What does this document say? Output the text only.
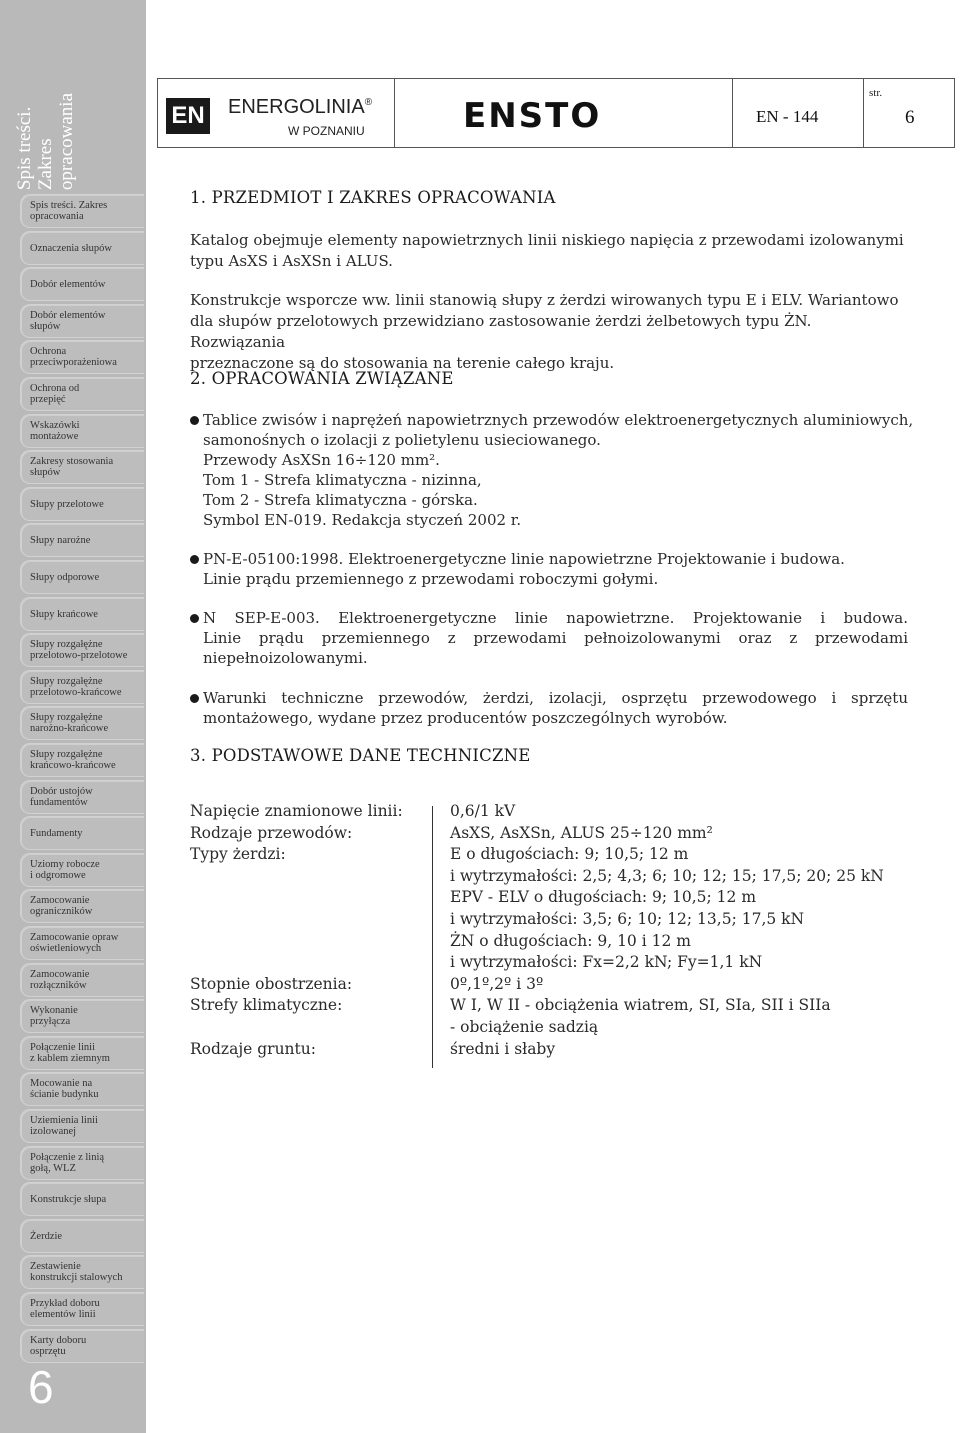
Spis treści. Zakres opracowania
Spis treści. Zakres
opracowania
Oznaczenia słupów
Dobór elementów
Dobór elementów
słupów
Ochrona
przeciwporażeniowa
Ochrona od
przepięć
Wskazówki
montażowe
Zakresy stosowania
słupów
Słupy przelotowe
Słupy narożne
Słupy odporowe
Słupy krańcowe
Słupy rozgałężne
przelotowo-przelotowe
Słupy rozgałężne
przelotowo-krańcowe
Słupy rozgałężne
narożno-krańcowe
Słupy rozgałężne
krańcowo-krańcowe
Dobór ustojów
fundamentów
Fundamenty
Uziomy robocze
i odgromowe
Zamocowanie
ograniczników
Zamocowanie opraw
oświetleniowych
Zamocowanie
rozłączników
Wykonanie
przyłącza
Połączenie linii
z kablem ziemnym
Mocowanie na
ścianie budynku
Uziemienia linii
izolowanej
Połączenie z linią
gołą, WLZ
Konstrukcje słupa
Żerdzie
Zestawienie
konstrukcji stalowych
Przykład doboru
elementów linii
Karty doboru
osprzętu
6
EN ENERGOLINIA®
W POZNANIU	ENSTO	EN - 144
str.
6
1. PRZEDMIOT I ZAKRES OPRACOWANIA
Katalog obejmuje elementy napowietrznych linii niskiego napięcia z przewodami izolowanymi
typu AsXS i AsXSn i ALUS.
Konstrukcje wsporcze ww. linii stanowią słupy z żerdzi wirowanych typu E i ELV. Wariantowo
dla słupów przelotowych przewidziano zastosowanie żerdzi żelbetowych typu ŻN. Rozwiązania
przeznaczone są do stosowania na terenie całego kraju.
2. OPRACOWANIA ZWIĄZANE
Tablice zwisów i naprężeń napowietrznych przewodów elektroenergetycznych aluminiowych,
samonośnych o izolacji z polietylenu usieciowanego.
Przewody AsXSn 16÷120 mm².
Tom 1 - Strefa klimatyczna - nizinna,
Tom 2 - Strefa klimatyczna - górska.
Symbol EN-019. Redakcja styczeń 2002 r.
PN-E-05100:1998. Elektroenergetyczne linie napowietrzne Projektowanie i budowa.
Linie prądu przemiennego z przewodami roboczymi gołymi.
N SEP-E-003. Elektroenergetyczne linie napowietrzne. Projektowanie i budowa.
Linie prądu przemiennego z przewodami pełnoizolowanymi oraz z przewodami
niepełnoizolowanymi.
Warunki techniczne przewodów, żerdzi, izolacji, osprzętu przewodowego i sprzętu
montażowego, wydane przez producentów poszczególnych wyrobów.
3. PODSTAWOWE DANE TECHNICZNE
Napięcie znamionowe linii:	0,6/1 kV
Rodzaje przewodów:	AsXS, AsXSn, ALUS 25÷120 mm²
Typy żerdzi:	E o długościach: 9; 10,5; 12 m
i wytrzymałości: 2,5; 4,3; 6; 10; 12; 15; 17,5; 20; 25 kN
EPV - ELV o długościach: 9; 10,5; 12 m
i wytrzymałości: 3,5; 6; 10; 12; 13,5; 17,5 kN
ŻN o długościach: 9, 10 i 12 m
i wytrzymałości: Fx=2,2 kN; Fy=1,1 kN
Stopnie obostrzenia:	0º,1º,2º i 3º
Strefy klimatyczne:	W I, W II - obciążenia wiatrem, SI, SIa, SII i SIIa
- obciążenie sadzią
Rodzaje gruntu:	średni i słaby
